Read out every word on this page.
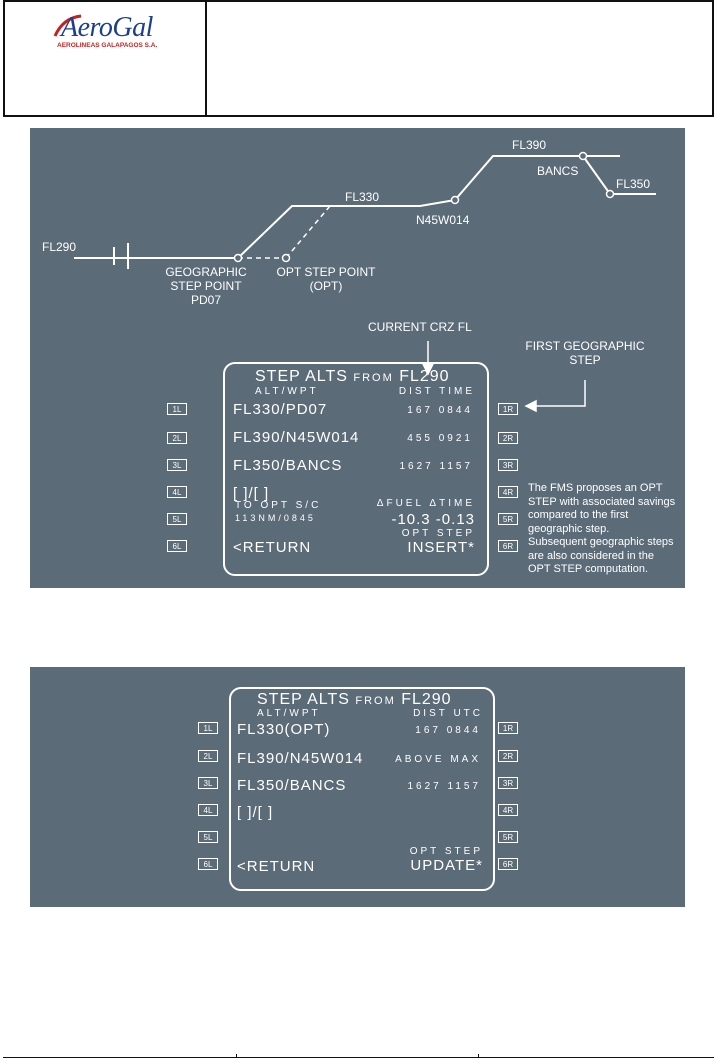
AeroGal
AEROLINEAS GALAPAGOS S.A.
FL290
FL330
FL390
FL350
BANCS
N45W014
GEOGRAPHIC
STEP POINT
PD07
OPT STEP POINT
(OPT)
CURRENT CRZ FL
FIRST GEOGRAPHIC
STEP
The FMS proposes an OPT
STEP with associated savings
compared to the first
geographic step.
Subsequent geographic steps
are also considered in the
OPT STEP computation.
1L
2L
3L
4L
5L
6L
1R
2R
3R
4R
5R
6R
STEP ALTS FROM FL290
ALT/WPT	DIST TIME
FL330/PD07	167 0844
FL390/N45W014	455 0921
FL350/BANCS	1627 1157
[ ]/[ ]
TO OPT S/C
113NM/0845
ΔFUEL ΔTIME
-10.3 -0.13
OPT STEP
<RETURN	INSERT*
1L
2L
3L
4L
5L
6L
1R
2R
3R
4R
5R
6R
STEP ALTS FROM FL290
ALT/WPT	DIST UTC
FL330(OPT)	167 0844
FL390/N45W014	ABOVE MAX
FL350/BANCS	1627 1157
[ ]/[ ]
OPT STEP
<RETURN	UPDATE*
